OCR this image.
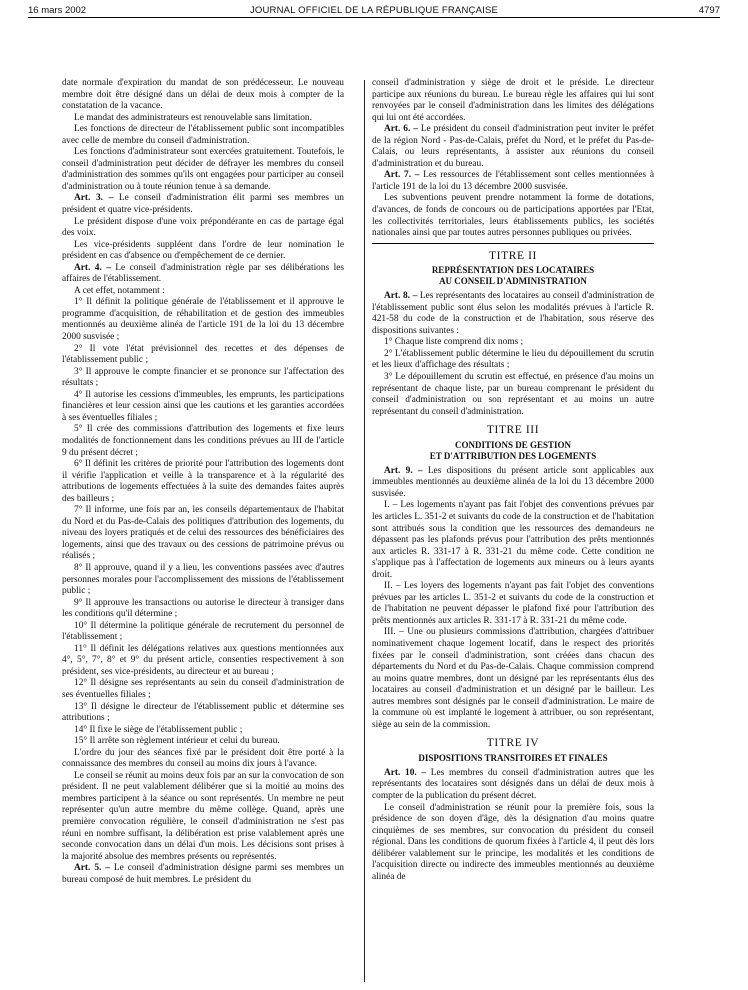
16 mars 2002	JOURNAL OFFICIEL DE LA RÉPUBLIQUE FRANÇAISE	4797

date normale d'expiration du mandat de son prédécesseur. Le nouveau membre doit être désigné dans un délai de deux mois à compter de la constatation de la vacance.

Le mandat des administrateurs est renouvelable sans limitation.

Les fonctions de directeur de l'établissement public sont incompatibles avec celle de membre du conseil d'administration.

Les fonctions d'administrateur sont exercées gratuitement. Toutefois, le conseil d'administration peut décider de défrayer les membres du conseil d'administration des sommes qu'ils ont engagées pour participer au conseil d'administration ou à toute réunion tenue à sa demande.

Art. 3. – Le conseil d'administration élit parmi ses membres un président et quatre vice-présidents.

Le président dispose d'une voix prépondérante en cas de partage égal des voix.

Les vice-présidents suppléent dans l'ordre de leur nomination le président en cas d'absence ou d'empêchement de ce dernier.

Art. 4. – Le conseil d'administration règle par ses délibérations les affaires de l'établissement.

A cet effet, notamment :

1° Il définit la politique générale de l'établissement et il approuve le programme d'acquisition, de réhabilitation et de gestion des immeubles mentionnés au deuxième alinéa de l'article 191 de la loi du 13 décembre 2000 susvisée ;

2° Il vote l'état prévisionnel des recettes et des dépenses de l'établissement public ;

3° Il approuve le compte financier et se prononce sur l'affectation des résultats ;

4° Il autorise les cessions d'immeubles, les emprunts, les participations financières et leur cession ainsi que les cautions et les garanties accordées à ses éventuelles filiales ;

5° Il crée des commissions d'attribution des logements et fixe leurs modalités de fonctionnement dans les conditions prévues au III de l'article 9 du présent décret ;

6° Il définit les critères de priorité pour l'attribution des logements dont il vérifie l'application et veille à la transparence et à la régularité des attributions de logements effectuées à la suite des demandes faites auprès des bailleurs ;

7° Il informe, une fois par an, les conseils départementaux de l'habitat du Nord et du Pas-de-Calais des politiques d'attribution des logements, du niveau des loyers pratiqués et de celui des ressources des bénéficiaires des logements, ainsi que des travaux ou des cessions de patrimoine prévus ou réalisés ;

8° Il approuve, quand il y a lieu, les conventions passées avec d'autres personnes morales pour l'accomplissement des missions de l'établissement public ;

9° Il approuve les transactions ou autorise le directeur à transiger dans les conditions qu'il détermine ;

10° Il détermine la politique générale de recrutement du personnel de l'établissement ;

11° Il définit les délégations relatives aux questions mentionnées aux 4°, 5°, 7°, 8° et 9° du présent article, consenties respectivement à son président, ses vice-présidents, au directeur et au bureau ;

12° Il désigne ses représentants au sein du conseil d'administration de ses éventuelles filiales ;

13° Il désigne le directeur de l'établissement public et détermine ses attributions ;

14° Il fixe le siège de l'établissement public ;

15° Il arrête son règlement intérieur et celui du bureau.

L'ordre du jour des séances fixé par le président doit être porté à la connaissance des membres du conseil au moins dix jours à l'avance.

Le conseil se réunit au moins deux fois par an sur la convocation de son président. Il ne peut valablement délibérer que si la moitié au moins des membres participent à la séance ou sont représentés. Un membre ne peut représenter qu'un autre membre du même collège. Quand, après une première convocation régulière, le conseil d'administration ne s'est pas réuni en nombre suffisant, la délibération est prise valablement après une seconde convocation dans un délai d'un mois. Les décisions sont prises à la majorité absolue des membres présents ou représentés.

Art. 5. – Le conseil d'administration désigne parmi ses membres un bureau composé de huit membres. Le président du

conseil d'administration y siège de droit et le préside. Le directeur participe aux réunions du bureau. Le bureau règle les affaires qui lui sont renvoyées par le conseil d'administration dans les limites des délégations qui lui ont été accordées.

Art. 6. – Le président du conseil d'administration peut inviter le préfet de la région Nord - Pas-de-Calais, préfet du Nord, et le préfet du Pas-de-Calais, ou leurs représentants, à assister aux réunions du conseil d'administration et du bureau.

Art. 7. – Les ressources de l'établissement sont celles mentionnées à l'article 191 de la loi du 13 décembre 2000 susvisée.

Les subventions peuvent prendre notamment la forme de dotations, d'avances, de fonds de concours ou de participations apportées par l'Etat, les collectivités territoriales, leurs établissements publics, les sociétés nationales ainsi que par toutes autres personnes publiques ou privées.

TITRE II
REPRÉSENTATION DES LOCATAIRES
AU CONSEIL D'ADMINISTRATION

Art. 8. – Les représentants des locataires au conseil d'administration de l'établissement public sont élus selon les modalités prévues à l'article R. 421-58 du code de la construction et de l'habitation, sous réserve des dispositions suivantes :

1° Chaque liste comprend dix noms ;

2° L'établissement public détermine le lieu du dépouillement du scrutin et les lieux d'affichage des résultats ;

3° Le dépouillement du scrutin est effectué, en présence d'au moins un représentant de chaque liste, par un bureau comprenant le président du conseil d'administration ou son représentant et au moins un autre représentant du conseil d'administration.

TITRE III
CONDITIONS DE GESTION
ET D'ATTRIBUTION DES LOGEMENTS

Art. 9. – Les dispositions du présent article sont applicables aux immeubles mentionnés au deuxième alinéa de la loi du 13 décembre 2000 susvisée.

I. – Les logements n'ayant pas fait l'objet des conventions prévues par les articles L. 351-2 et suivants du code de la construction et de l'habitation sont attribués sous la condition que les ressources des demandeurs ne dépassent pas les plafonds prévus pour l'attribution des prêts mentionnés aux articles R. 331-17 à R. 331-21 du même code. Cette condition ne s'applique pas à l'affectation de logements aux mineurs ou à leurs ayants droit.

II. – Les loyers des logements n'ayant pas fait l'objet des conventions prévues par les articles L. 351-2 et suivants du code de la construction et de l'habitation ne peuvent dépasser le plafond fixé pour l'attribution des prêts mentionnés aux articles R. 331-17 à R. 331-21 du même code.

III. – Une ou plusieurs commissions d'attribution, chargées d'attribuer nominativement chaque logement locatif, dans le respect des priorités fixées par le conseil d'administration, sont créées dans chacun des départements du Nord et du Pas-de-Calais. Chaque commission comprend au moins quatre membres, dont un désigné par les représentants élus des locataires au conseil d'administration et un désigné par le bailleur. Les autres membres sont désignés par le conseil d'administration. Le maire de la commune où est implanté le logement à attribuer, ou son représentant, siège au sein de la commission.

TITRE IV
DISPOSITIONS TRANSITOIRES ET FINALES

Art. 10. – Les membres du conseil d'administration autres que les représentants des locataires sont désignés dans un délai de deux mois à compter de la publication du présent décret.

Le conseil d'administration se réunit pour la première fois, sous la présidence de son doyen d'âge, dès la désignation d'au moins quatre cinquièmes de ses membres, sur convocation du président du conseil régional. Dans les conditions de quorum fixées à l'article 4, il peut dès lors délibérer valablement sur le principe, les modalités et les conditions de l'acquisition directe ou indirecte des immeubles mentionnés au deuxième alinéa de
